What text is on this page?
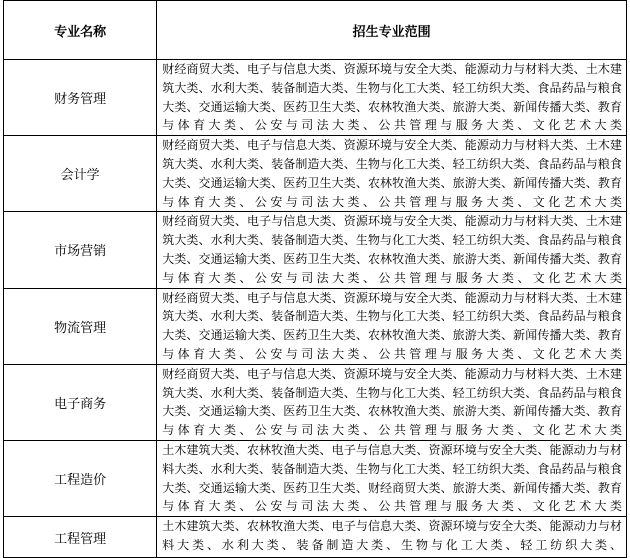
专业名称	招生专业范围
财务管理	财经商贸大类、电子与信息大类、资源环境与安全大类、能源动力与材料大类、土木建筑大类、水利大类、装备制造大类、生物与化工大类、轻工纺织大类、食品药品与粮食大类、交通运输大类、医药卫生大类、农林牧渔大类、旅游大类、新闻传播大类、教育与体育大类、公安与司法大类、公共管理与服务大类、文化艺术大类
会计学	财经商贸大类、电子与信息大类、资源环境与安全大类、能源动力与材料大类、土木建筑大类、水利大类、装备制造大类、生物与化工大类、轻工纺织大类、食品药品与粮食大类、交通运输大类、医药卫生大类、农林牧渔大类、旅游大类、新闻传播大类、教育与体育大类、公安与司法大类、公共管理与服务大类、文化艺术大类
市场营销	财经商贸大类、电子与信息大类、资源环境与安全大类、能源动力与材料大类、土木建筑大类、水利大类、装备制造大类、生物与化工大类、轻工纺织大类、食品药品与粮食大类、交通运输大类、医药卫生大类、农林牧渔大类、旅游大类、新闻传播大类、教育与体育大类、公安与司法大类、公共管理与服务大类、文化艺术大类
物流管理	财经商贸大类、电子与信息大类、资源环境与安全大类、能源动力与材料大类、土木建筑大类、水利大类、装备制造大类、生物与化工大类、轻工纺织大类、食品药品与粮食大类、交通运输大类、医药卫生大类、农林牧渔大类、旅游大类、新闻传播大类、教育与体育大类、公安与司法大类、公共管理与服务大类、文化艺术大类
电子商务	财经商贸大类、电子与信息大类、资源环境与安全大类、能源动力与材料大类、土木建筑大类、水利大类、装备制造大类、生物与化工大类、轻工纺织大类、食品药品与粮食大类、交通运输大类、医药卫生大类、农林牧渔大类、旅游大类、新闻传播大类、教育与体育大类、公安与司法大类、公共管理与服务大类、文化艺术大类
工程造价	土木建筑大类、农林牧渔大类、电子与信息大类、资源环境与安全大类、能源动力与材料大类、水利大类、装备制造大类、生物与化工大类、轻工纺织大类、食品药品与粮食大类、交通运输大类、医药卫生大类、财经商贸大类、旅游大类、新闻传播大类、教育与体育大类、公安与司法大类、公共管理与服务大类、文化艺术大类
工程管理	土木建筑大类、农林牧渔大类、电子与信息大类、资源环境与安全大类、能源动力与材料大类、水利大类、装备制造大类、生物与化工大类、轻工纺织大类、
